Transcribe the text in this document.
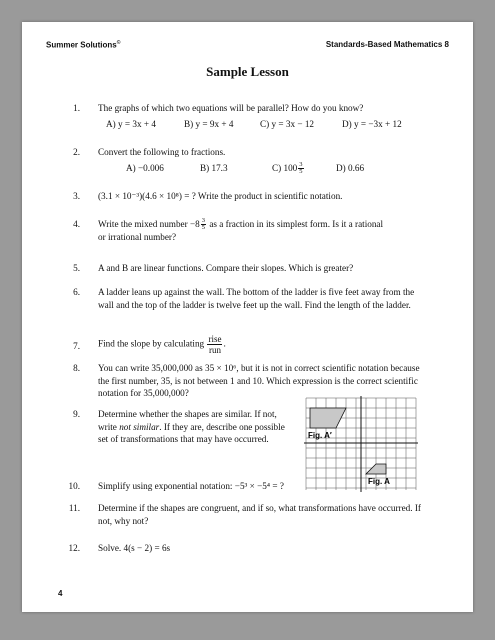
Summer Solutions©	Standards-Based Mathematics 8
Sample Lesson
1. The graphs of which two equations will be parallel? How do you know?
A) y = 3x + 4	B) y = 9x + 4	C) y = 3x − 12	D) y = −3x + 12
2. Convert the following to fractions.
A) −0.006	B) 17.3	C) $100 \frac{3}{5}$	D) 0.66
3. (3.1 × 10⁻³)(4.6 × 10⁸) = ? Write the product in scientific notation.
4. Write the mixed number $-8 \frac{3}{5}$ as a fraction in its simplest form. Is it a rational
or irrational number?
5. A and B are linear functions. Compare their slopes. Which is greater?
6. A ladder leans up against the wall. The bottom of the ladder is five feet away from the wall and the top of the ladder is twelve feet up the wall. Find the length of the ladder.
7. Find the slope by calculating $\frac{\text{rise}}{\text{run}}$ .
8. You can write 35,000,000 as 35 × 10⁶, but it is not in correct scientific notation because the first number, 35, is not between 1 and 10. Which expression is the correct scientific notation for 35,000,000?
9. Determine whether the shapes are similar. If not, write not similar. If they are, describe one possible set of transformations that may have occurred.	Fig. A′
Fig. A
10. Simplify using exponential notation: −5³ × −5⁴ = ?
11. Determine if the shapes are congruent, and if so, what transformations have occurred. If not, why not?
12. Solve. 4(s − 2) = 6s
4
